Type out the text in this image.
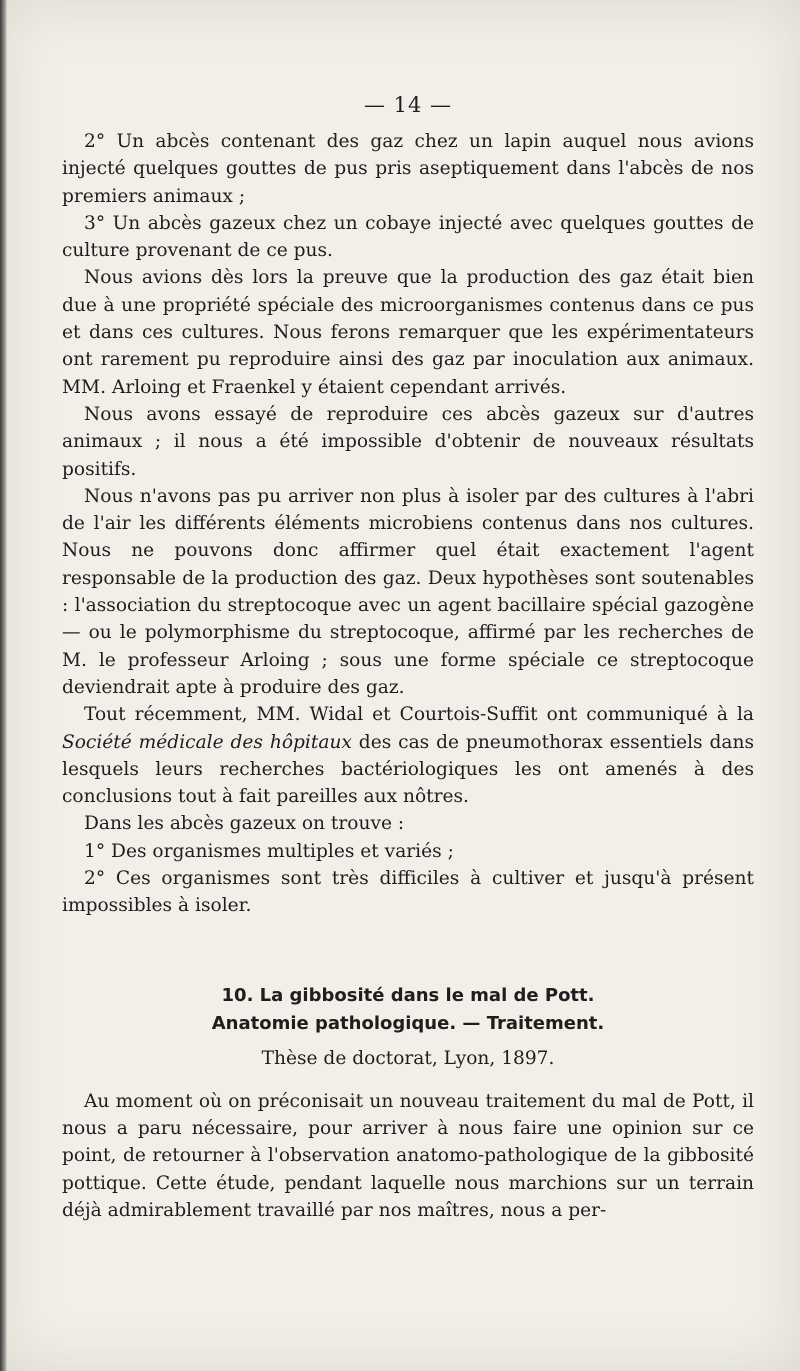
— 14 —

2° Un abcès contenant des gaz chez un lapin auquel nous avions injecté quelques gouttes de pus pris aseptiquement dans l'abcès de nos premiers animaux ;

3° Un abcès gazeux chez un cobaye injecté avec quelques gouttes de culture provenant de ce pus.

Nous avions dès lors la preuve que la production des gaz était bien due à une propriété spéciale des microorganismes contenus dans ce pus et dans ces cultures. Nous ferons remarquer que les expérimentateurs ont rarement pu reproduire ainsi des gaz par inoculation aux animaux. MM. Arloing et Fraenkel y étaient cependant arrivés.

Nous avons essayé de reproduire ces abcès gazeux sur d'autres animaux ; il nous a été impossible d'obtenir de nouveaux résultats positifs.

Nous n'avons pas pu arriver non plus à isoler par des cultures à l'abri de l'air les différents éléments microbiens contenus dans nos cultures. Nous ne pouvons donc affirmer quel était exactement l'agent responsable de la production des gaz. Deux hypothèses sont soutenables : l'association du streptocoque avec un agent bacillaire spécial gazogène — ou le polymorphisme du streptocoque, affirmé par les recherches de M. le professeur Arloing ; sous une forme spéciale ce streptocoque deviendrait apte à produire des gaz.

Tout récemment, MM. Widal et Courtois-Suffit ont communiqué à la Société médicale des hôpitaux des cas de pneumothorax essentiels dans lesquels leurs recherches bactériologiques les ont amenés à des conclusions tout à fait pareilles aux nôtres.

Dans les abcès gazeux on trouve :

1° Des organismes multiples et variés ;

2° Ces organismes sont très difficiles à cultiver et jusqu'à présent impossibles à isoler.

10. La gibbosité dans le mal de Pott.
Anatomie pathologique. — Traitement.
Thèse de doctorat, Lyon, 1897.

Au moment où on préconisait un nouveau traitement du mal de Pott, il nous a paru nécessaire, pour arriver à nous faire une opinion sur ce point, de retourner à l'observation anatomo-pathologique de la gibbosité pottique. Cette étude, pendant laquelle nous marchions sur un terrain déjà admirablement travaillé par nos maîtres, nous a per-
